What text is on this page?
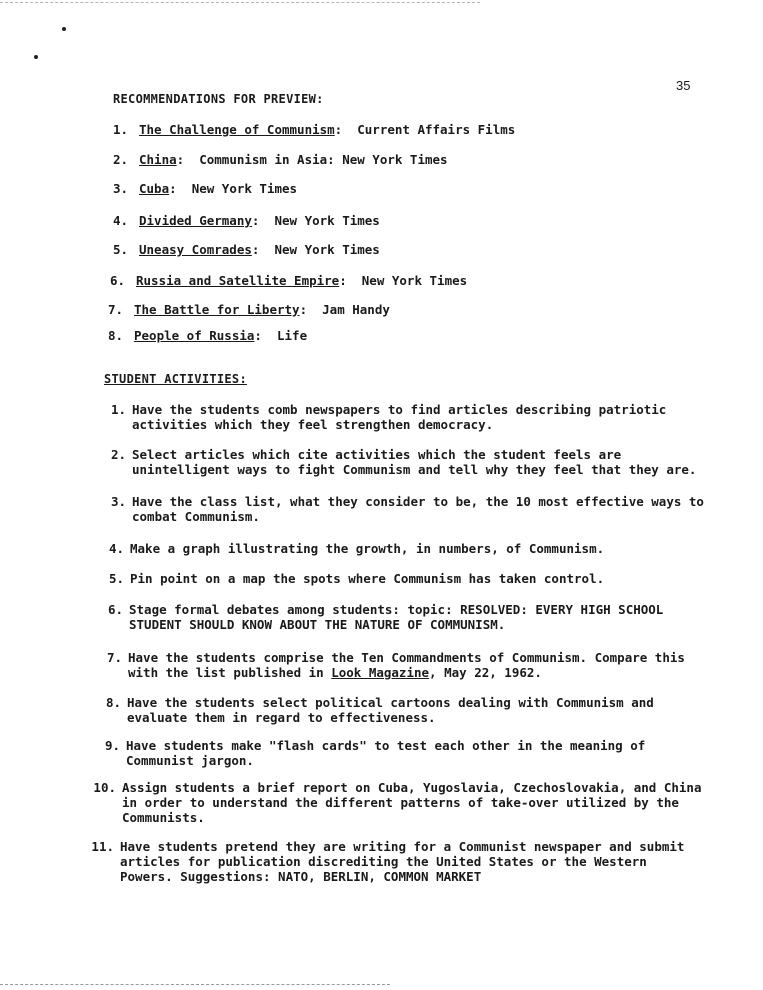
35
RECOMMENDATIONS FOR PREVIEW:
1. The Challenge of Communism:  Current Affairs Films
2. China:  Communism in Asia: New York Times
3. Cuba:  New York Times
4. Divided Germany:  New York Times
5. Uneasy Comrades:  New York Times
6. Russia and Satellite Empire:  New York Times
7. The Battle for Liberty:  Jam Handy
8. People of Russia:  Life
STUDENT ACTIVITIES:
1. Have the students comb newspapers to find articles describing patriotic activities which they feel strengthen democracy.
2. Select articles which cite activities which the student feels are unintelligent ways to fight Communism and tell why they feel that they are.
3. Have the class list, what they consider to be, the 10 most effective ways to combat Communism.
4. Make a graph illustrating the growth, in numbers, of Communism.
5. Pin point on a map the spots where Communism has taken control.
6. Stage formal debates among students: topic: RESOLVED: EVERY HIGH SCHOOL STUDENT SHOULD KNOW ABOUT THE NATURE OF COMMUNISM.
7. Have the students comprise the Ten Commandments of Communism. Compare this with the list published in Look Magazine, May 22, 1962.
8. Have the students select political cartoons dealing with Communism and evaluate them in regard to effectiveness.
9. Have students make "flash cards" to test each other in the meaning of Communist jargon.
10. Assign students a brief report on Cuba, Yugoslavia, Czechoslovakia, and China in order to understand the different patterns of take-over utilized by the Communists.
11. Have students pretend they are writing for a Communist newspaper and submit articles for publication discrediting the United States or the Western Powers. Suggestions: NATO, BERLIN, COMMON MARKET
